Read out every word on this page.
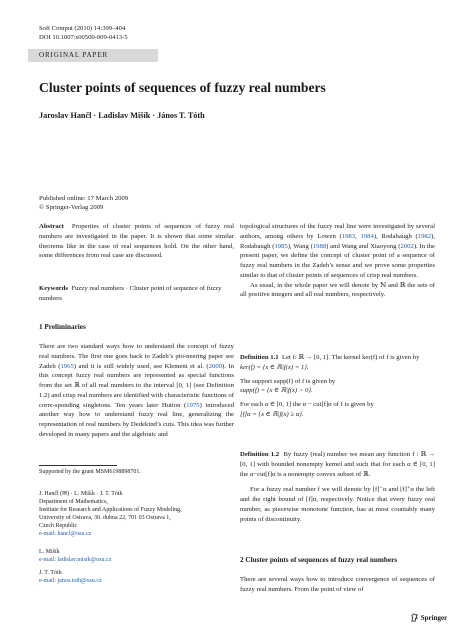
Soft Comput (2010) 14:399–404
DOI 10.1007/s00500-009-0413-5
ORIGINAL PAPER
Cluster points of sequences of fuzzy real numbers
Jaroslav Hančl · Ladislav Mišík · János T. Tóth
Published online: 17 March 2009
© Springer-Verlag 2009

Abstract Properties of cluster points of sequences of fuzzy real numbers are investigated in the paper. It is shown that some similar theorems like in the case of real sequences hold. On the other hand, some differences from real case are discussed.

Keywords Fuzzy real numbers · Cluster point of sequence of fuzzy numbers

1 Preliminaries

There are two standard ways how to understand the concept of fuzzy real numbers. The first one goes back to Zadeh’s pio-neering paper see Zadeh (1965) and it is still widely used, see Klement et al. (2000). In this concept fuzzy real numbers are represented as special functions from the set ℝ of all real numbers to the interval [0, 1] (see Definition 1.2) and crisp real numbers are identified with characteristic functions of corre-sponding singletons. Ten years later Hutton (1975) introduced another way how to understand fuzzy real line, generalizing the representation of real numbers by Dedekind’s cuts. This idea was further developed in many papers and the algebraic and

Supported by the grant MSM6198898701.
J. Hančl (✉) · L. Mišík · J. T. Tóth
Department of Mathematics,
Institute for Research and Applications of Fuzzy Modeling,
University of Ostrava, 30. dubna 22, 701 03 Ostrava 1,
Czech Republic
e-mail: hancl@osu.cz
L. Mišík
e-mail: ladislav.misik@osu.cz
J. T. Tóth
e-mail: janos.toth@osu.cz

topological structures of the fuzzy real line were investigated by several authors, among others by Lowen (1983, 1984), Rodabaugh (1982), Rodabaugh (1985), Wang (1988) and Wang and Xiaoyong (2002). In the present paper, we define the concept of cluster point of a sequence of fuzzy real numbers in the Zadeh’s sense and we prove some properties similar to that of cluster points of sequences of crisp real numbers.

As usual, in the whole paper we will denote by ℕ and ℝ the sets of all positive integers and all real numbers, respectively.

Definition 1.1 Let f: ℝ → [0, 1]. The kernel ker(f) of f is given by

ker(f) = {x ∈ ℝ|f(x) = 1}.

The support supp(f) of f is given by

supp(f) = {x ∈ ℝ|f(x) > 0}.

For each α ∈ [0, 1] the α − cut[f]α of f is given by

[f]α = {x ∈ ℝ|f(x) ≥ α}.

Definition 1.2 By fuzzy (real) number we mean any function f : ℝ → [0, 1] with bounded nonempty kernel and such that for each α ∈ [0, 1] the α−cut[f]α is a nonempty convex subset of ℝ.

For a fuzzy real number f we will denote by [f]⁻α and [f]⁺α the left and the right bound of [f]α, respectively. Notice that every fuzzy real number, as piecewise monotone function, has at most countably many points of discontinuity.

2 Cluster points of sequences of fuzzy real numbers

There are several ways how to introduce convergence of sequences of fuzzy real numbers. From the point of view of

Springer
